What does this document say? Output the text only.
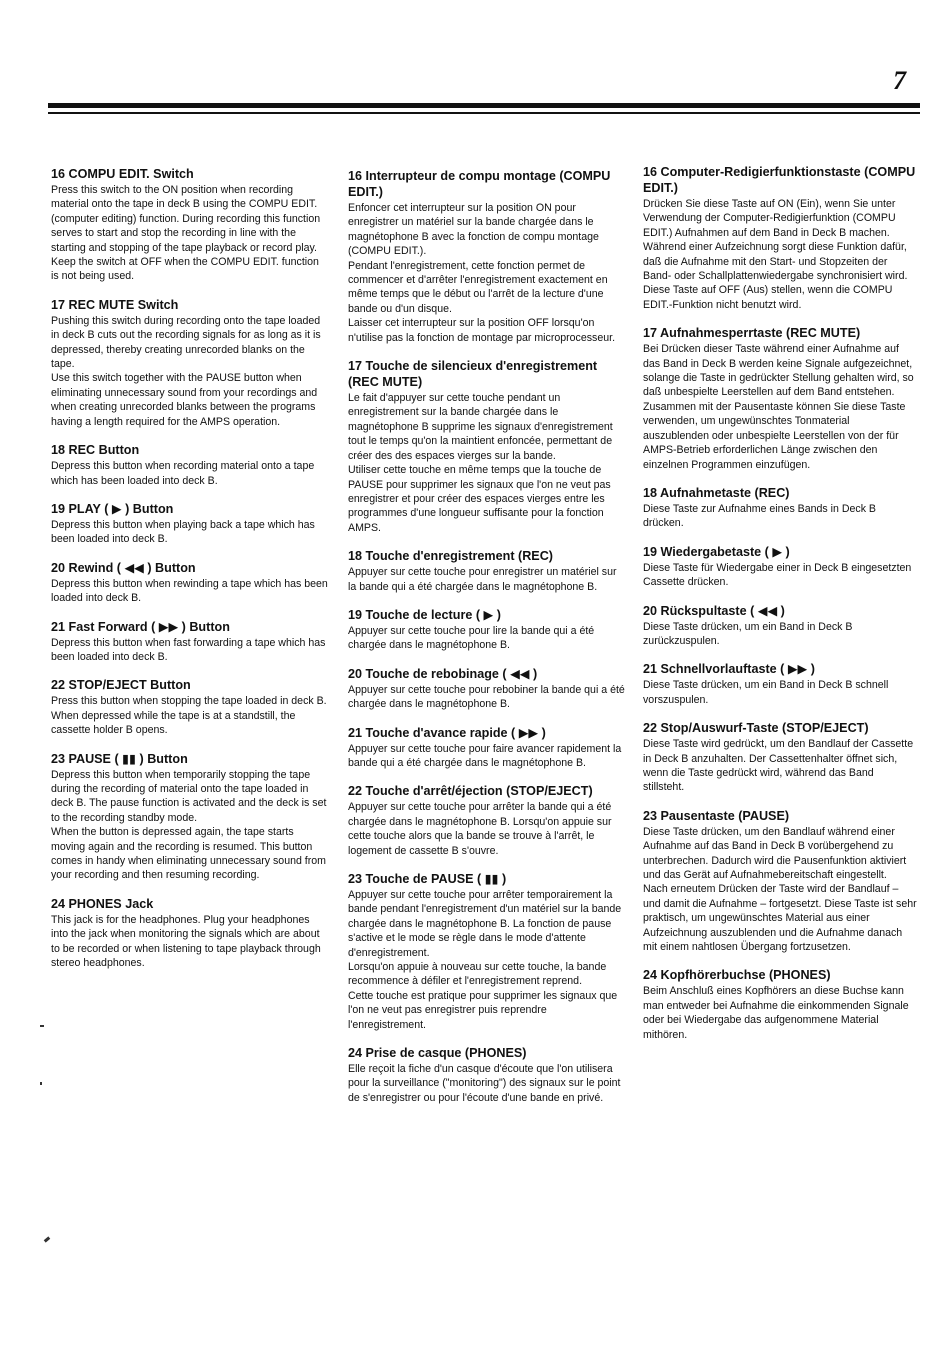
7
16 COMPU EDIT. Switch

Press this switch to the ON position when recording material onto the tape in deck B using the COMPU EDIT. (computer editing) function. During recording this function serves to start and stop the recording in line with the starting and stopping of the tape playback or record play.

Keep the switch at OFF when the COMPU EDIT. function is not being used.

17 REC MUTE Switch

Pushing this switch during recording onto the tape loaded in deck B cuts out the recording signals for as long as it is depressed, thereby creating unrecorded blanks on the tape.

Use this switch together with the PAUSE button when eliminating unnecessary sound from your recordings and when creating unrecorded blanks between the programs having a length required for the AMPS operation.

18 REC Button

Depress this button when recording material onto a tape which has been loaded into deck B.

19 PLAY ( ▶ ) Button

Depress this button when playing back a tape which has been loaded into deck B.

20 Rewind ( ◀◀ ) Button

Depress this button when rewinding a tape which has been loaded into deck B.

21 Fast Forward ( ▶▶ ) Button

Depress this button when fast forwarding a tape which has been loaded into deck B.

22 STOP/EJECT Button

Press this button when stopping the tape loaded in deck B. When depressed while the tape is at a standstill, the cassette holder B opens.

23 PAUSE ( ▮▮ ) Button

Depress this button when temporarily stopping the tape during the recording of material onto the tape loaded in deck B. The pause function is activated and the deck is set to the recording standby mode.

When the button is depressed again, the tape starts moving again and the recording is resumed. This button comes in handy when eliminating unnecessary sound from your recording and then resuming recording.

24 PHONES Jack

This jack is for the headphones. Plug your headphones into the jack when monitoring the signals which are about to be recorded or when listening to tape playback through stereo headphones.

16 Interrupteur de compu montage (COMPU EDIT.)

Enfoncer cet interrupteur sur la position ON pour enregistrer un matériel sur la bande chargée dans le magnétophone B avec la fonction de compu montage (COMPU EDIT.).

Pendant l'enregistrement, cette fonction permet de commencer et d'arrêter l'enregistrement exactement en même temps que le début ou l'arrêt de la lecture d'une bande ou d'un disque.

Laisser cet interrupteur sur la position OFF lorsqu'on n'utilise pas la fonction de montage par microprocesseur.

17 Touche de silencieux d'enregistrement (REC MUTE)

Le fait d'appuyer sur cette touche pendant un enregistrement sur la bande chargée dans le magnétophone B supprime les signaux d'enregistrement tout le temps qu'on la maintient enfoncée, permettant de créer des des espaces vierges sur la bande.

Utiliser cette touche en même temps que la touche de PAUSE pour supprimer les signaux que l'on ne veut pas enregistrer et pour créer des espaces vierges entre les programmes d'une longueur suffisante pour la fonction AMPS.

18 Touche d'enregistrement (REC)

Appuyer sur cette touche pour enregistrer un matériel sur la bande qui a été chargée dans le magnétophone B.

19 Touche de lecture ( ▶ )

Appuyer sur cette touche pour lire la bande qui a été chargée dans le magnétophone B.

20 Touche de rebobinage ( ◀◀ )

Appuyer sur cette touche pour rebobiner la bande qui a été chargée dans le magnétophone B.

21 Touche d'avance rapide ( ▶▶ )

Appuyer sur cette touche pour faire avancer rapidement la bande qui a été chargée dans le magnétophone B.

22 Touche d'arrêt/éjection (STOP/EJECT)

Appuyer sur cette touche pour arrêter la bande qui a été chargée dans le magnétophone B. Lorsqu'on appuie sur cette touche alors que la bande se trouve à l'arrêt, le logement de cassette B s'ouvre.

23 Touche de PAUSE ( ▮▮ )

Appuyer sur cette touche pour arrêter temporairement la bande pendant l'enregistrement d'un matériel sur la bande chargée dans le magnétophone B. La fonction de pause s'active et le mode se règle dans le mode d'attente d'enregistrement.

Lorsqu'on appuie à nouveau sur cette touche, la bande recommence à défiler et l'enregistrement reprend.

Cette touche est pratique pour supprimer les signaux que l'on ne veut pas enregistrer puis reprendre l'enregistrement.

24 Prise de casque (PHONES)

Elle reçoit la fiche d'un casque d'écoute que l'on utilisera pour la surveillance ("monitoring") des signaux sur le point de s'enregistrer ou pour l'écoute d'une bande en privé.

16 Computer-Redigierfunktionstaste (COMPU EDIT.)

Drücken Sie diese Taste auf ON (Ein), wenn Sie unter Verwendung der Computer-Redigierfunktion (COMPU EDIT.) Aufnahmen auf dem Band in Deck B machen.

Während einer Aufzeichnung sorgt diese Funktion dafür, daß die Aufnahme mit den Start- und Stopzeiten der Band- oder Schallplattenwiedergabe synchronisiert wird.

Diese Taste auf OFF (Aus) stellen, wenn die COMPU EDIT.-Funktion nicht benutzt wird.

17 Aufnahmesperrtaste (REC MUTE)

Bei Drücken dieser Taste während einer Aufnahme auf das Band in Deck B werden keine Signale aufgezeichnet, solange die Taste in gedrückter Stellung gehalten wird, so daß unbespielte Leerstellen auf dem Band entstehen. Zusammen mit der Pausentaste können Sie diese Taste verwenden, um ungewünschtes Tonmaterial auszublenden oder unbespielte Leerstellen von der für AMPS-Betrieb erforderlichen Länge zwischen den einzelnen Programmen einzufügen.

18 Aufnahmetaste (REC)

Diese Taste zur Aufnahme eines Bands in Deck B drücken.

19 Wiedergabetaste ( ▶ )

Diese Taste für Wiedergabe einer in Deck B eingesetzten Cassette drücken.

20 Rückspultaste ( ◀◀ )

Diese Taste drücken, um ein Band in Deck B zurückzuspulen.

21 Schnellvorlauftaste ( ▶▶ )

Diese Taste drücken, um ein Band in Deck B schnell vorszuspulen.

22 Stop/Auswurf-Taste (STOP/EJECT)

Diese Taste wird gedrückt, um den Bandlauf der Cassette in Deck B anzuhalten. Der Cassettenhalter öffnet sich, wenn die Taste gedrückt wird, während das Band stillsteht.

23 Pausentaste (PAUSE)

Diese Taste drücken, um den Bandlauf während einer Aufnahme auf das Band in Deck B vorübergehend zu unterbrechen. Dadurch wird die Pausenfunktion aktiviert und das Gerät auf Aufnahmebereitschaft eingestellt.

Nach erneutem Drücken der Taste wird der Bandlauf – und damit die Aufnahme – fortgesetzt. Diese Taste ist sehr praktisch, um ungewünschtes Material aus einer Aufzeichnung auszublenden und die Aufnahme danach mit einem nahtlosen Übergang fortzusetzen.

24 Kopfhörerbuchse (PHONES)

Beim Anschluß eines Kopfhörers an diese Buchse kann man entweder bei Aufnahme die einkommenden Signale oder bei Wiedergabe das aufgenommene Material mithören.
